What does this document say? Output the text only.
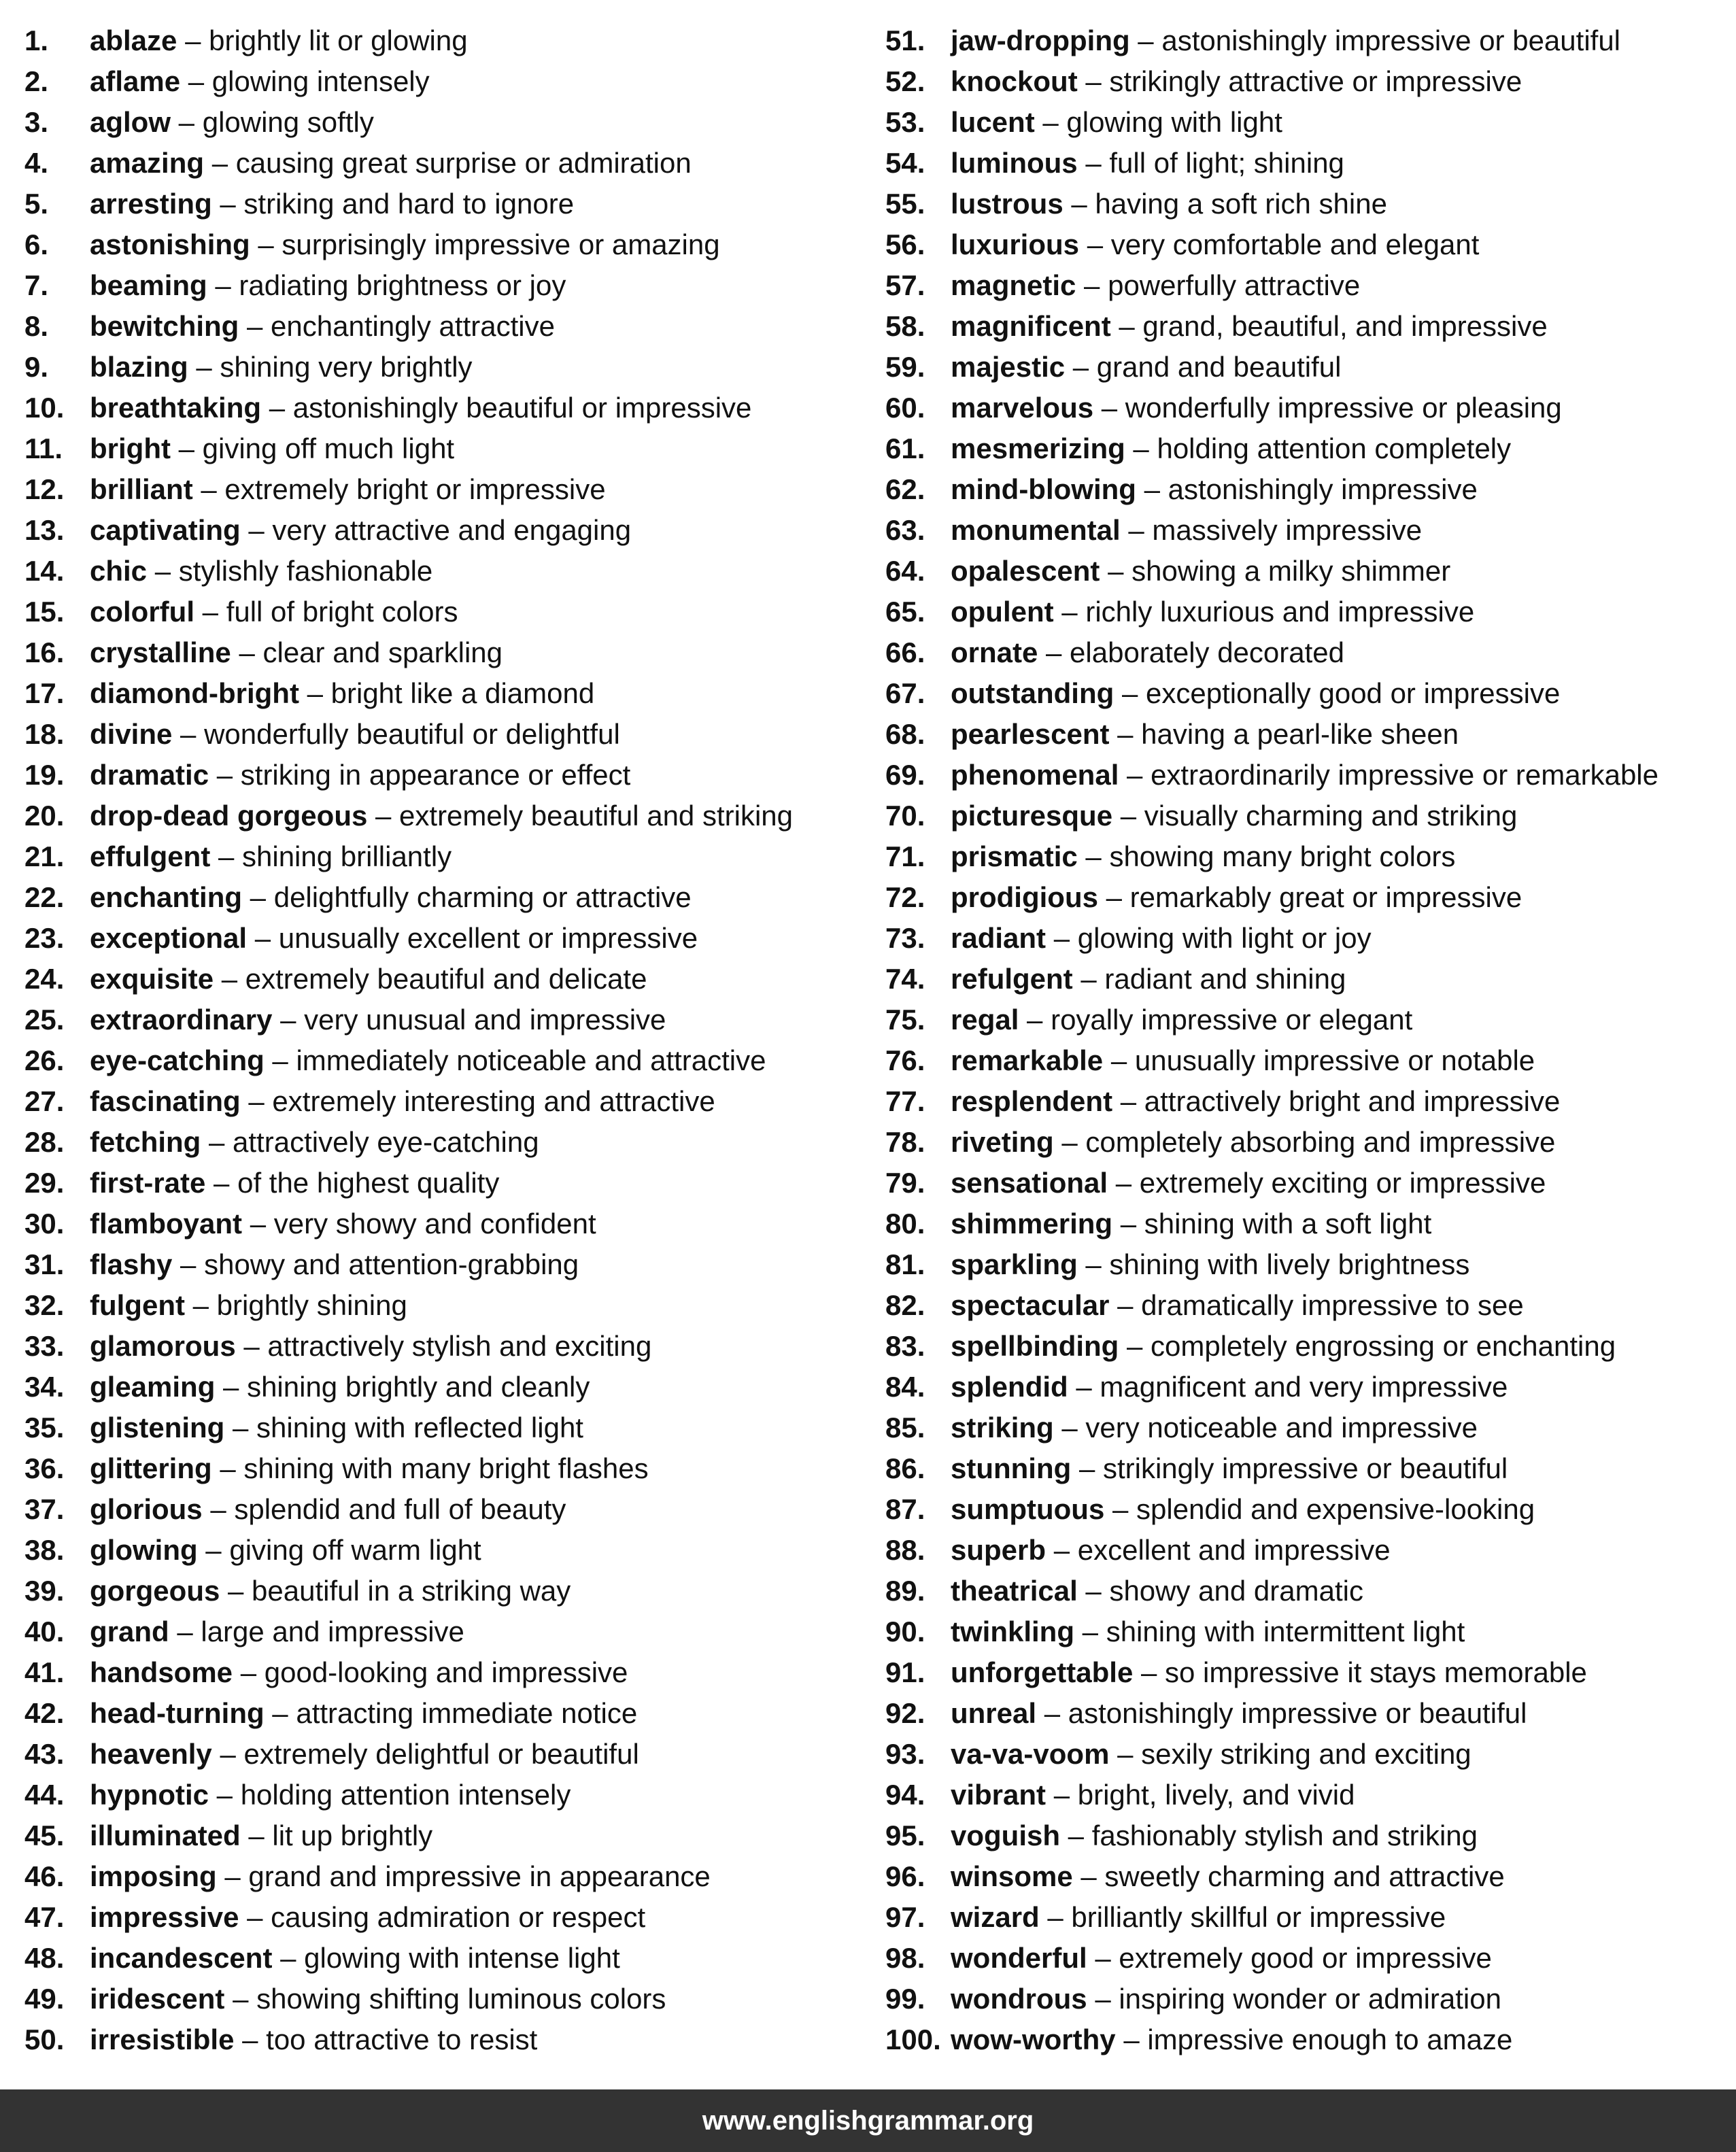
1. ablaze – brightly lit or glowing
2. aflame – glowing intensely
3. aglow – glowing softly
4. amazing – causing great surprise or admiration
5. arresting – striking and hard to ignore
6. astonishing – surprisingly impressive or amazing
7. beaming – radiating brightness or joy
8. bewitching – enchantingly attractive
9. blazing – shining very brightly
10. breathtaking – astonishingly beautiful or impressive
11. bright – giving off much light
12. brilliant – extremely bright or impressive
13. captivating – very attractive and engaging
14. chic – stylishly fashionable
15. colorful – full of bright colors
16. crystalline – clear and sparkling
17. diamond-bright – bright like a diamond
18. divine – wonderfully beautiful or delightful
19. dramatic – striking in appearance or effect
20. drop-dead gorgeous – extremely beautiful and striking
21. effulgent – shining brilliantly
22. enchanting – delightfully charming or attractive
23. exceptional – unusually excellent or impressive
24. exquisite – extremely beautiful and delicate
25. extraordinary – very unusual and impressive
26. eye-catching – immediately noticeable and attractive
27. fascinating – extremely interesting and attractive
28. fetching – attractively eye-catching
29. first-rate – of the highest quality
30. flamboyant – very showy and confident
31. flashy – showy and attention-grabbing
32. fulgent – brightly shining
33. glamorous – attractively stylish and exciting
34. gleaming – shining brightly and cleanly
35. glistening – shining with reflected light
36. glittering – shining with many bright flashes
37. glorious – splendid and full of beauty
38. glowing – giving off warm light
39. gorgeous – beautiful in a striking way
40. grand – large and impressive
41. handsome – good-looking and impressive
42. head-turning – attracting immediate notice
43. heavenly – extremely delightful or beautiful
44. hypnotic – holding attention intensely
45. illuminated – lit up brightly
46. imposing – grand and impressive in appearance
47. impressive – causing admiration or respect
48. incandescent – glowing with intense light
49. iridescent – showing shifting luminous colors
50. irresistible – too attractive to resist
51. jaw-dropping – astonishingly impressive or beautiful
52. knockout – strikingly attractive or impressive
53. lucent – glowing with light
54. luminous – full of light; shining
55. lustrous – having a soft rich shine
56. luxurious – very comfortable and elegant
57. magnetic – powerfully attractive
58. magnificent – grand, beautiful, and impressive
59. majestic – grand and beautiful
60. marvelous – wonderfully impressive or pleasing
61. mesmerizing – holding attention completely
62. mind-blowing – astonishingly impressive
63. monumental – massively impressive
64. opalescent – showing a milky shimmer
65. opulent – richly luxurious and impressive
66. ornate – elaborately decorated
67. outstanding – exceptionally good or impressive
68. pearlescent – having a pearl-like sheen
69. phenomenal – extraordinarily impressive or remarkable
70. picturesque – visually charming and striking
71. prismatic – showing many bright colors
72. prodigious – remarkably great or impressive
73. radiant – glowing with light or joy
74. refulgent – radiant and shining
75. regal – royally impressive or elegant
76. remarkable – unusually impressive or notable
77. resplendent – attractively bright and impressive
78. riveting – completely absorbing and impressive
79. sensational – extremely exciting or impressive
80. shimmering – shining with a soft light
81. sparkling – shining with lively brightness
82. spectacular – dramatically impressive to see
83. spellbinding – completely engrossing or enchanting
84. splendid – magnificent and very impressive
85. striking – very noticeable and impressive
86. stunning – strikingly impressive or beautiful
87. sumptuous – splendid and expensive-looking
88. superb – excellent and impressive
89. theatrical – showy and dramatic
90. twinkling – shining with intermittent light
91. unforgettable – so impressive it stays memorable
92. unreal – astonishingly impressive or beautiful
93. va-va-voom – sexily striking and exciting
94. vibrant – bright, lively, and vivid
95. voguish – fashionably stylish and striking
96. winsome – sweetly charming and attractive
97. wizard – brilliantly skillful or impressive
98. wonderful – extremely good or impressive
99. wondrous – inspiring wonder or admiration
100. wow-worthy – impressive enough to amaze
www.englishgrammar.org
